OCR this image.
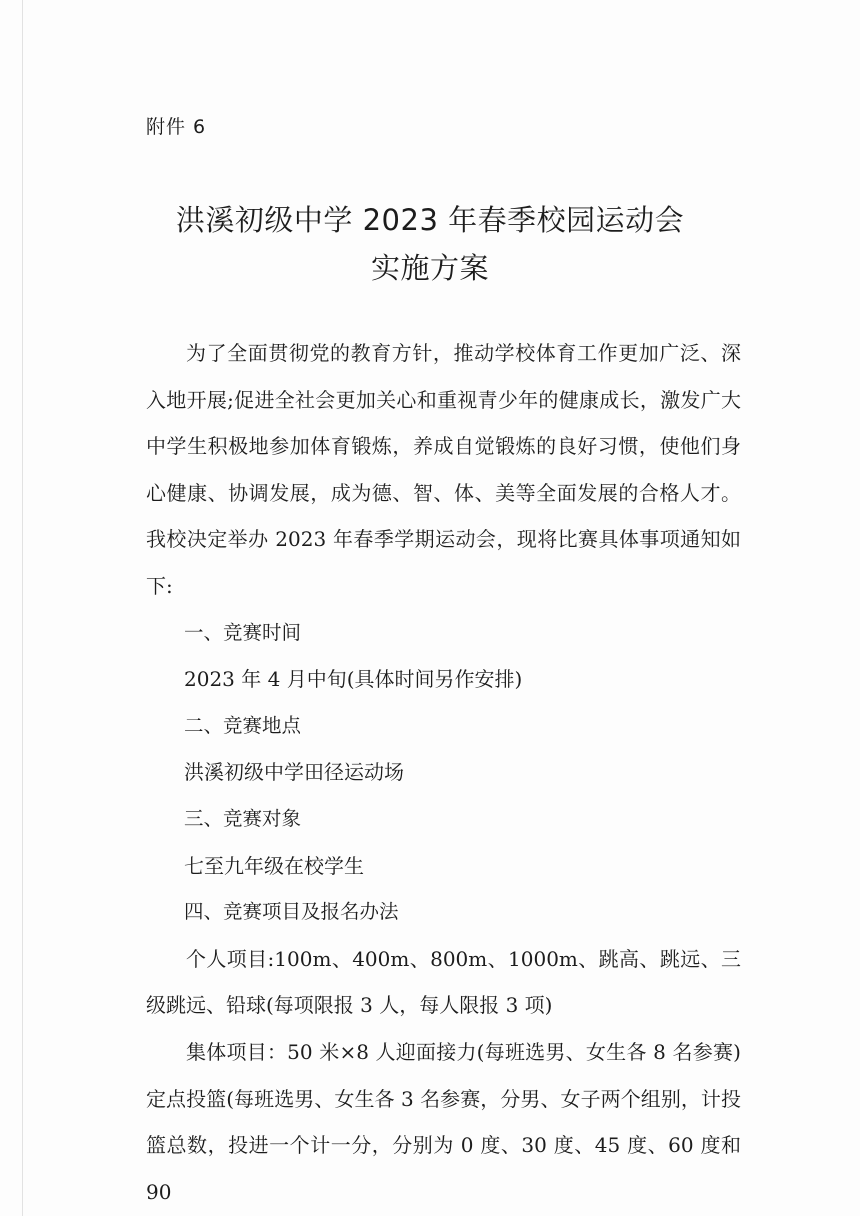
附件 6
洪溪初级中学 2023 年春季校园运动会
实施方案

为了全面贯彻党的教育方针，推动学校体育工作更加广泛、深入地开展;促进全社会更加关心和重视青少年的健康成长，激发广大中学生积极地参加体育锻炼，养成自觉锻炼的良好习惯，使他们身心健康、协调发展，成为德、智、体、美等全面发展的合格人才。我校决定举办 2023 年春季学期运动会，现将比赛具体事项通知如下:

一、竞赛时间

2023 年 4 月中旬(具体时间另作安排)

二、竞赛地点

洪溪初级中学田径运动场

三、竞赛对象

七至九年级在校学生

四、竞赛项目及报名办法

个人项目:100m、400m、800m、1000m、跳高、跳远、三级跳远、铅球(每项限报 3 人，每人限报 3 项)

集体项目：50 米×8 人迎面接力(每班选男、女生各 8 名参赛) 定点投篮(每班选男、女生各 3 名参赛，分男、女子两个组别，计投篮总数，投进一个计一分，分别为 0 度、30 度、45 度、60 度和 90
